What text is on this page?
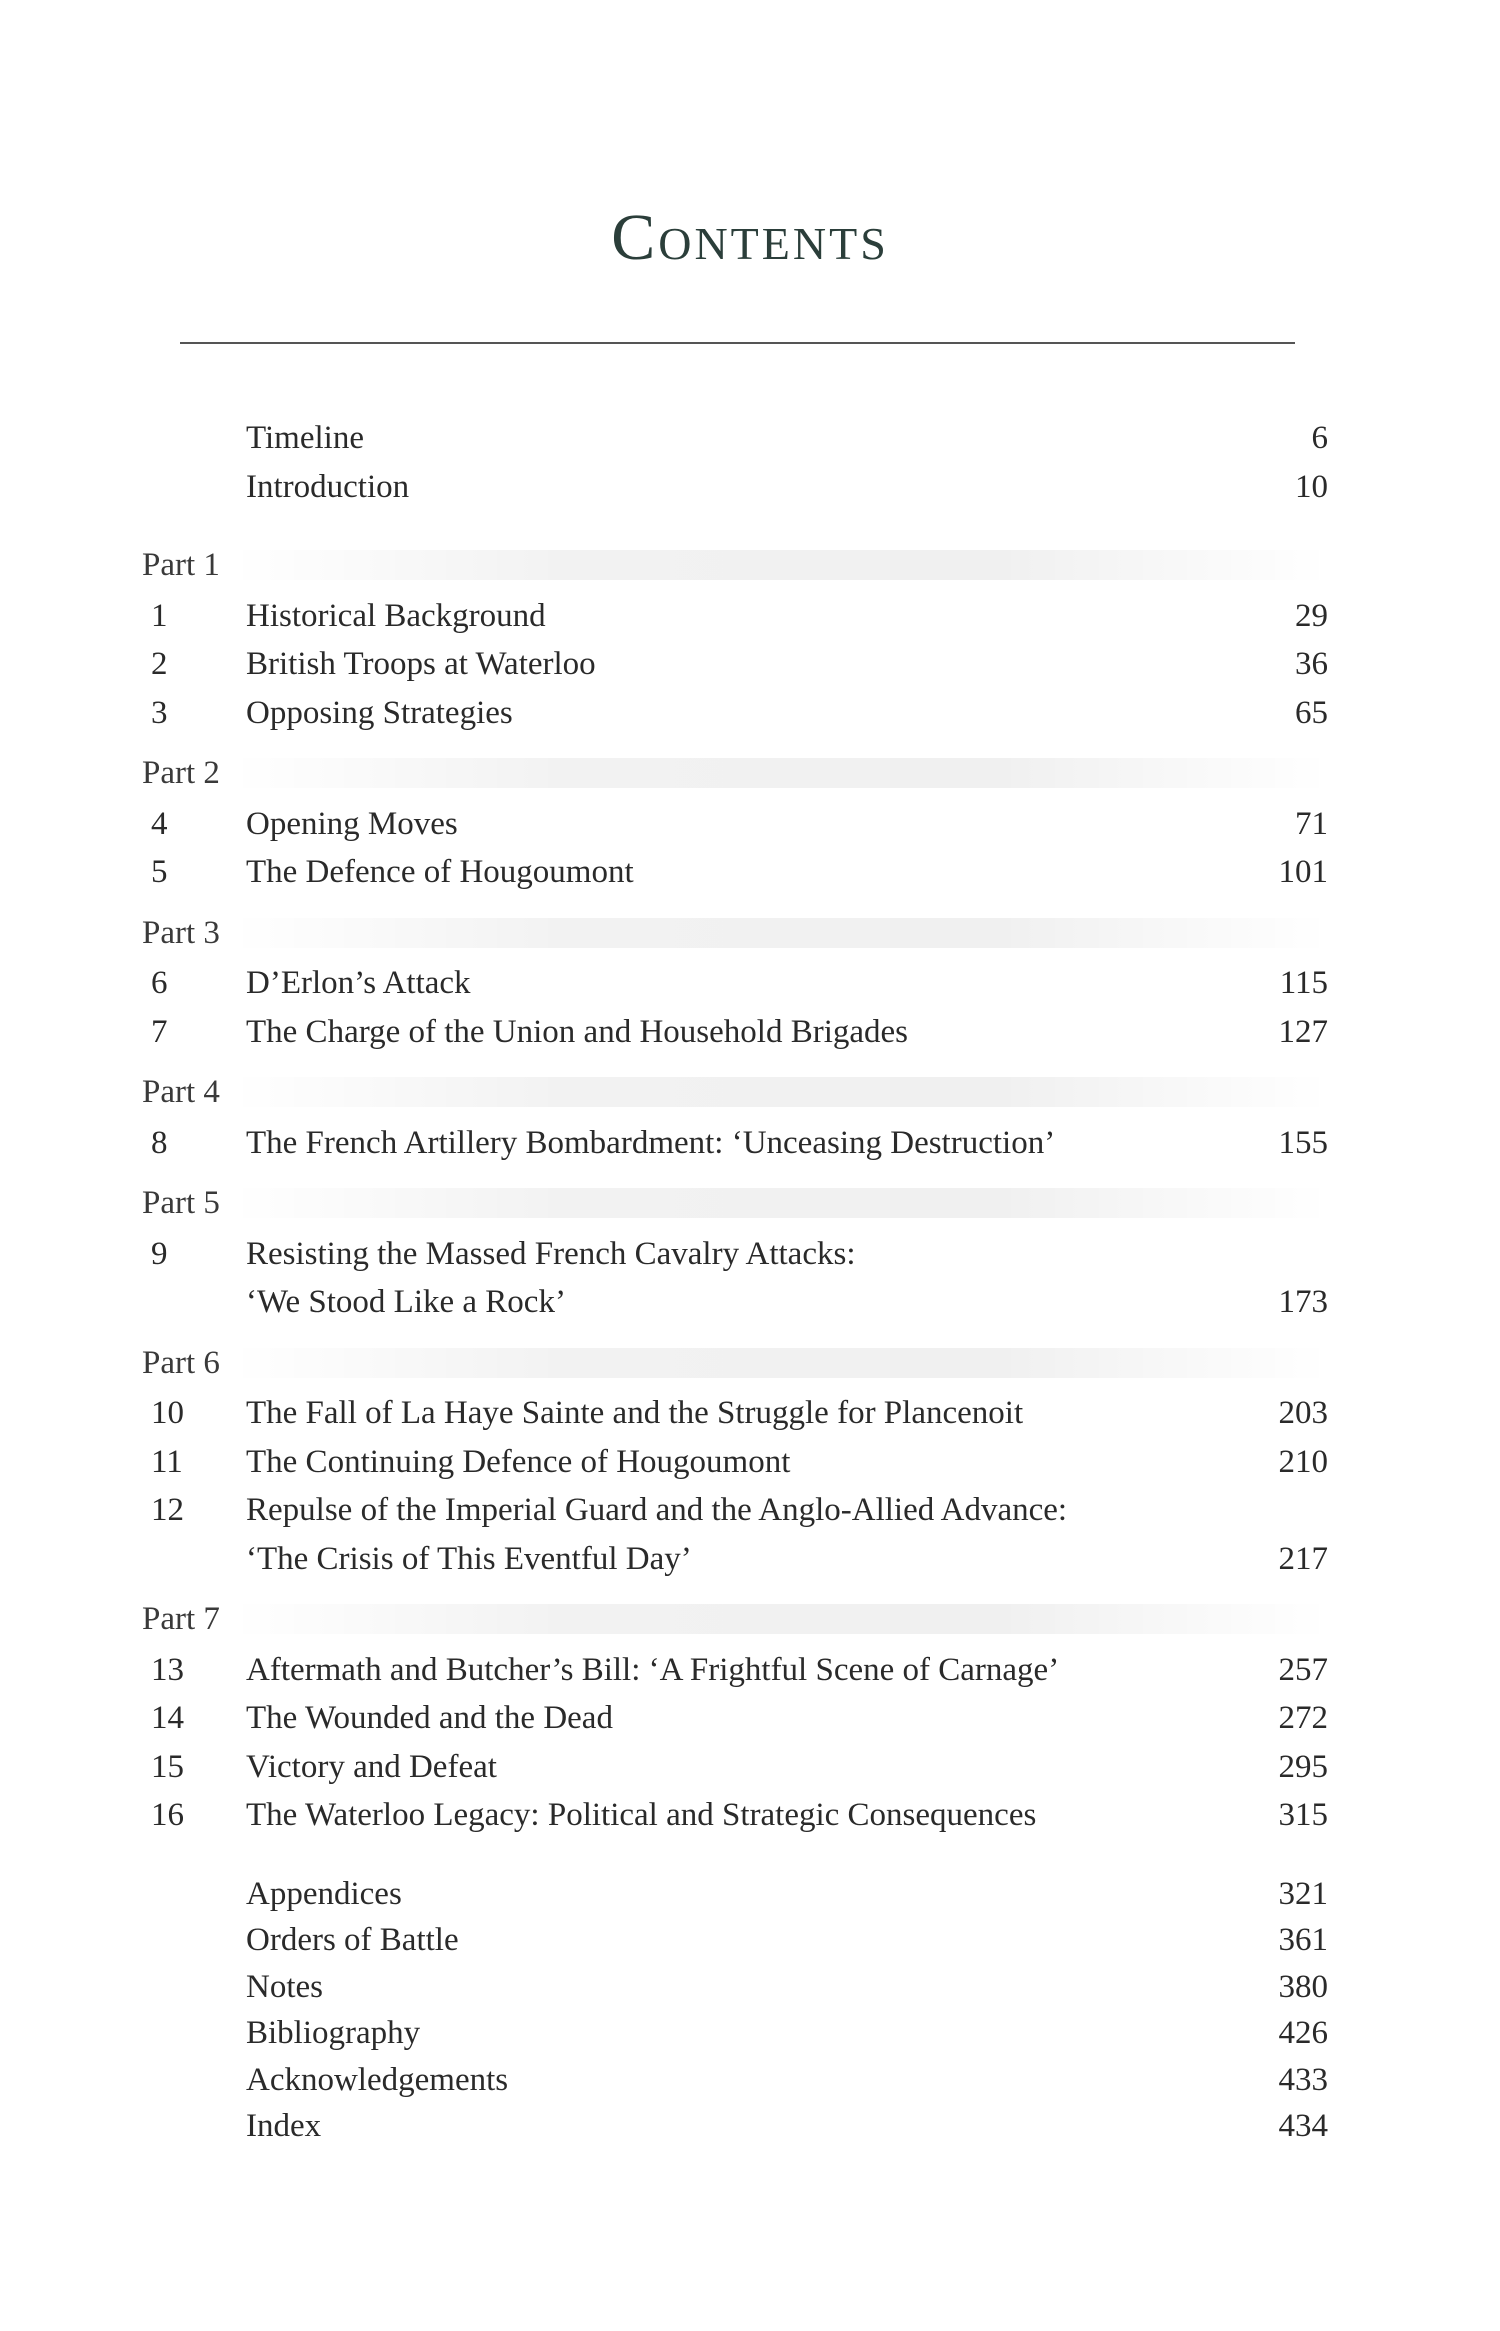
Contents
Timeline	6
Introduction	10
Part 1
1	Historical Background	29
2	British Troops at Waterloo	36
3	Opposing Strategies	65
Part 2
4	Opening Moves	71
5	The Defence of Hougoumont	101
Part 3
6	D’Erlon’s Attack	115
7	The Charge of the Union and Household Brigades	127
Part 4
8	The French Artillery Bombardment: ‘Unceasing Destruction’	155
Part 5
9	Resisting the Massed French Cavalry Attacks:
‘We Stood Like a Rock’	173
Part 6
10	The Fall of La Haye Sainte and the Struggle for Plancenoit	203
11	The Continuing Defence of Hougoumont	210
12	Repulse of the Imperial Guard and the Anglo-Allied Advance:
‘The Crisis of This Eventful Day’	217
Part 7
13	Aftermath and Butcher’s Bill: ‘A Frightful Scene of Carnage’	257
14	The Wounded and the Dead	272
15	Victory and Defeat	295
16	The Waterloo Legacy: Political and Strategic Consequences	315
Appendices	321
Orders of Battle	361
Notes	380
Bibliography	426
Acknowledgements	433
Index	434
